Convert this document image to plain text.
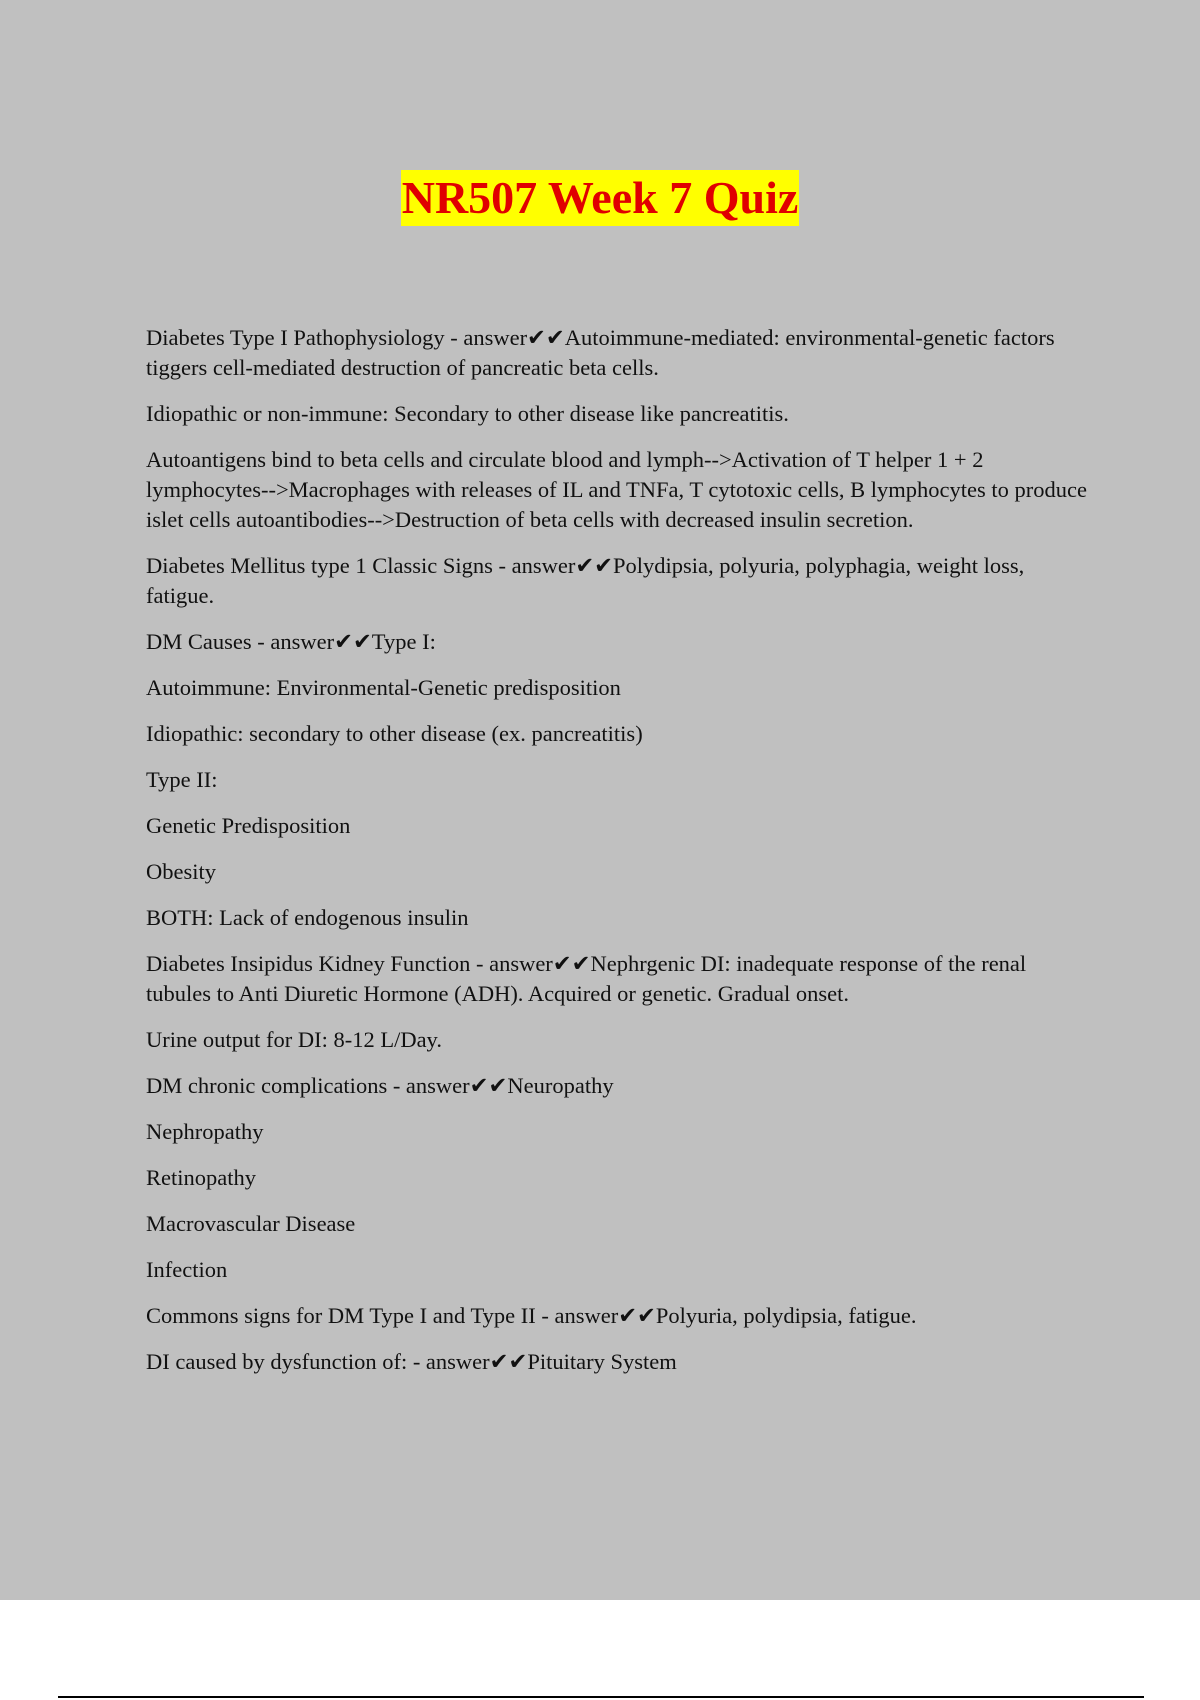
NR507 Week 7 Quiz

Diabetes Type I Pathophysiology - answer✔✔Autoimmune-mediated: environmental-genetic factors tiggers cell-mediated destruction of pancreatic beta cells.

Idiopathic or non-immune: Secondary to other disease like pancreatitis.

Autoantigens bind to beta cells and circulate blood and lymph-->Activation of T helper 1 + 2 lymphocytes-->Macrophages with releases of IL and TNFa, T cytotoxic cells, B lymphocytes to produce islet cells autoantibodies-->Destruction of beta cells with decreased insulin secretion.

Diabetes Mellitus type 1 Classic Signs - answer✔✔Polydipsia, polyuria, polyphagia, weight loss, fatigue.

DM Causes - answer✔✔Type I:

Autoimmune: Environmental-Genetic predisposition

Idiopathic: secondary to other disease (ex. pancreatitis)

Type II:

Genetic Predisposition

Obesity

BOTH: Lack of endogenous insulin

Diabetes Insipidus Kidney Function - answer✔✔Nephrgenic DI: inadequate response of the renal tubules to Anti Diuretic Hormone (ADH). Acquired or genetic. Gradual onset.

Urine output for DI: 8-12 L/Day.

DM chronic complications - answer✔✔Neuropathy

Nephropathy

Retinopathy

Macrovascular Disease

Infection

Commons signs for DM Type I and Type II - answer✔✔Polyuria, polydipsia, fatigue.

DI caused by dysfunction of: - answer✔✔Pituitary System
